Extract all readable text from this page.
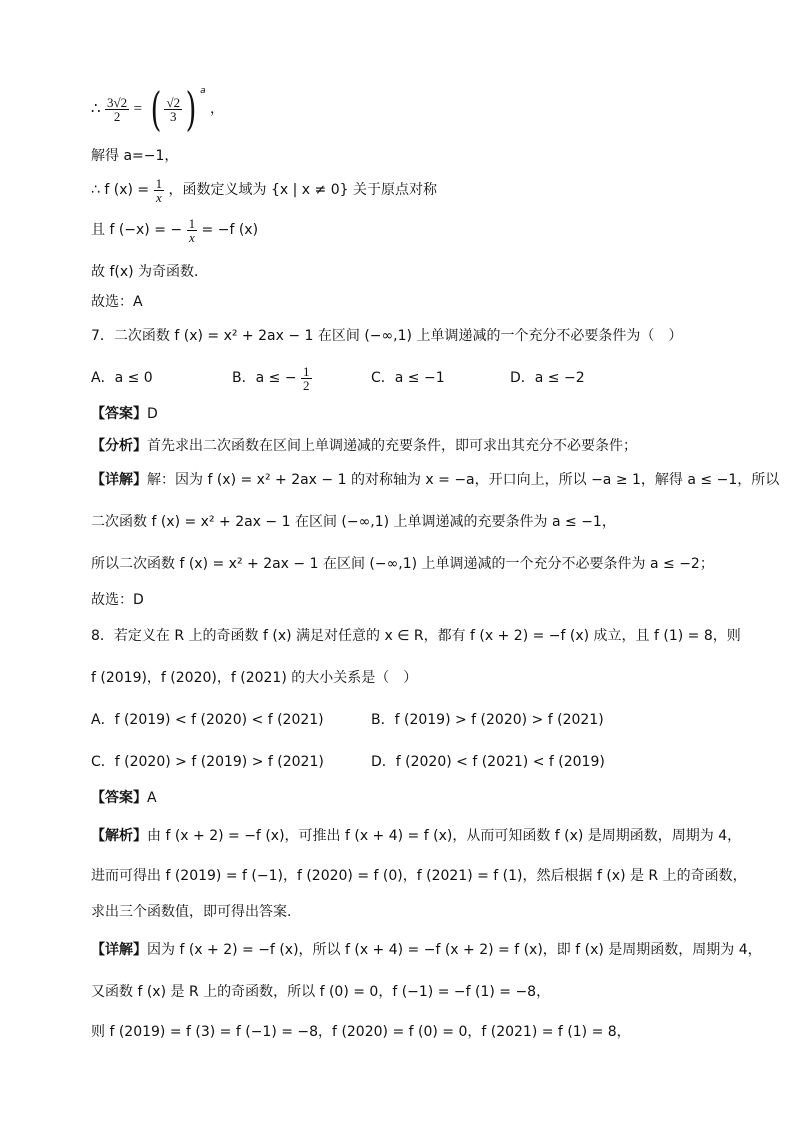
∴ $\frac{3√2}{2}$ = ( $\frac{√2}{3}$ ) $^a$ ，
解得 a=−1，
∴ f $(x) = \frac{1}{x}$ ，函数定义域为 {x | x ≠ 0} 关于原点对称
且 f (−x) = − $\frac{1}{x} = -f$ (x)
故 f(x) 为奇函数．
故选：A
7．二次函数 f (x) = x² + 2ax − 1 在区间 (−∞,1) 上单调递减的一个充分不必要条件为（　）
A．a ≤ 0	B．a ≤ − $\frac{1}{2}$	C．a ≤ −1	D．a ≤ −2
【答案】D
【分析】首先求出二次函数在区间上单调递减的充要条件，即可求出其充分不必要条件；
【详解】解：因为 f (x) = x² + 2ax − 1 的对称轴为 x = −a，开口向上，所以 −a ≥ 1，解得 a ≤ −1，所以
二次函数 f (x) = x² + 2ax − 1 在区间 (−∞,1) 上单调递减的充要条件为 a ≤ −1，
所以二次函数 f (x) = x² + 2ax − 1 在区间 (−∞,1) 上单调递减的一个充分不必要条件为 a ≤ −2；
故选：D
8．若定义在 R 上的奇函数 f (x) 满足对任意的 x ∈ R，都有 f (x + 2) = −f (x) 成立，且 f (1) = 8，则
f (2019)，f (2020)，f (2021) 的大小关系是（　）
A．f (2019) < f (2020) < f (2021)	B．f (2019) > f (2020) > f (2021)
C．f (2020) > f (2019) > f (2021)	D．f (2020) < f (2021) < f (2019)
【答案】A
【解析】由 f (x + 2) = −f (x)，可推出 f (x + 4) = f (x)，从而可知函数 f (x) 是周期函数，周期为 4，
进而可得出 f (2019) = f (−1)，f (2020) = f (0)，f (2021) = f (1)，然后根据 f (x) 是 R 上的奇函数，
求出三个函数值，即可得出答案.
【详解】因为 f (x + 2) = −f (x)，所以 f (x + 4) = −f (x + 2) = f (x)，即 f (x) 是周期函数，周期为 4，
又函数 f (x) 是 R 上的奇函数，所以 f (0) = 0，f (−1) = −f (1) = −8，
则 f (2019) = f (3) = f (−1) = −8，f (2020) = f (0) = 0，f (2021) = f (1) = 8，
